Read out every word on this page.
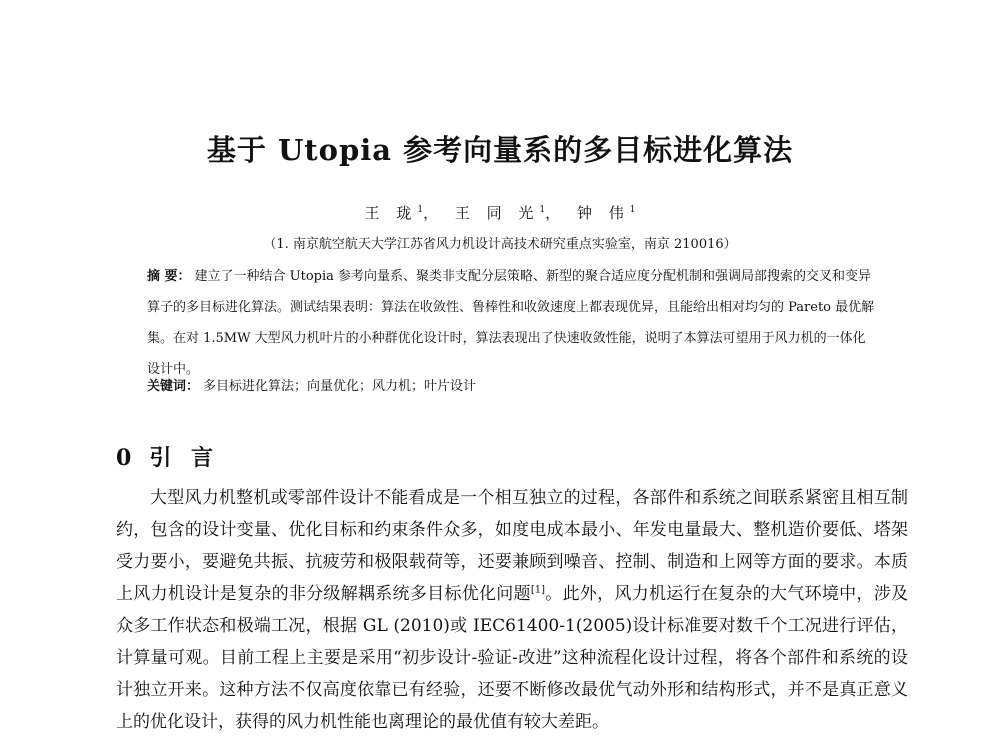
基于 Utopia 参考向量系的多目标进化算法
王 珑$^1$， 王 同 光$^1$， 钟 伟$^1$
（1. 南京航空航天大学江苏省风力机设计高技术研究重点实验室，南京 210016）
摘 要： 建立了一种结合 Utopia 参考向量系、聚类非支配分层策略、新型的聚合适应度分配机制和强调局部搜索的交叉和变异算子的多目标进化算法。测试结果表明：算法在收敛性、鲁棒性和收敛速度上都表现优异，且能给出相对均匀的 Pareto 最优解集。在对 1.5MW 大型风力机叶片的小种群优化设计时，算法表现出了快速收敛性能，说明了本算法可望用于风力机的一体化设计中。
关键词： 多目标进化算法；向量优化；风力机；叶片设计
0 引 言
大型风力机整机或零部件设计不能看成是一个相互独立的过程，各部件和系统之间联系紧密且相互制约，包含的设计变量、优化目标和约束条件众多，如度电成本最小、年发电量最大、整机造价要低、塔架受力要小，要避免共振、抗疲劳和极限载荷等，还要兼顾到噪音、控制、制造和上网等方面的要求。本质上风力机设计是复杂的非分级解耦系统多目标优化问题[1]。此外，风力机运行在复杂的大气环境中，涉及众多工作状态和极端工况，根据 GL (2010)或 IEC61400-1(2005)设计标准要对数千个工况进行评估，计算量可观。目前工程上主要是采用“初步设计-验证-改进”这种流程化设计过程，将各个部件和系统的设计独立开来。这种方法不仅高度依靠已有经验，还要不断修改最优气动外形和结构形式，并不是真正意义上的优化设计，获得的风力机性能也离理论的最优值有较大差距。
